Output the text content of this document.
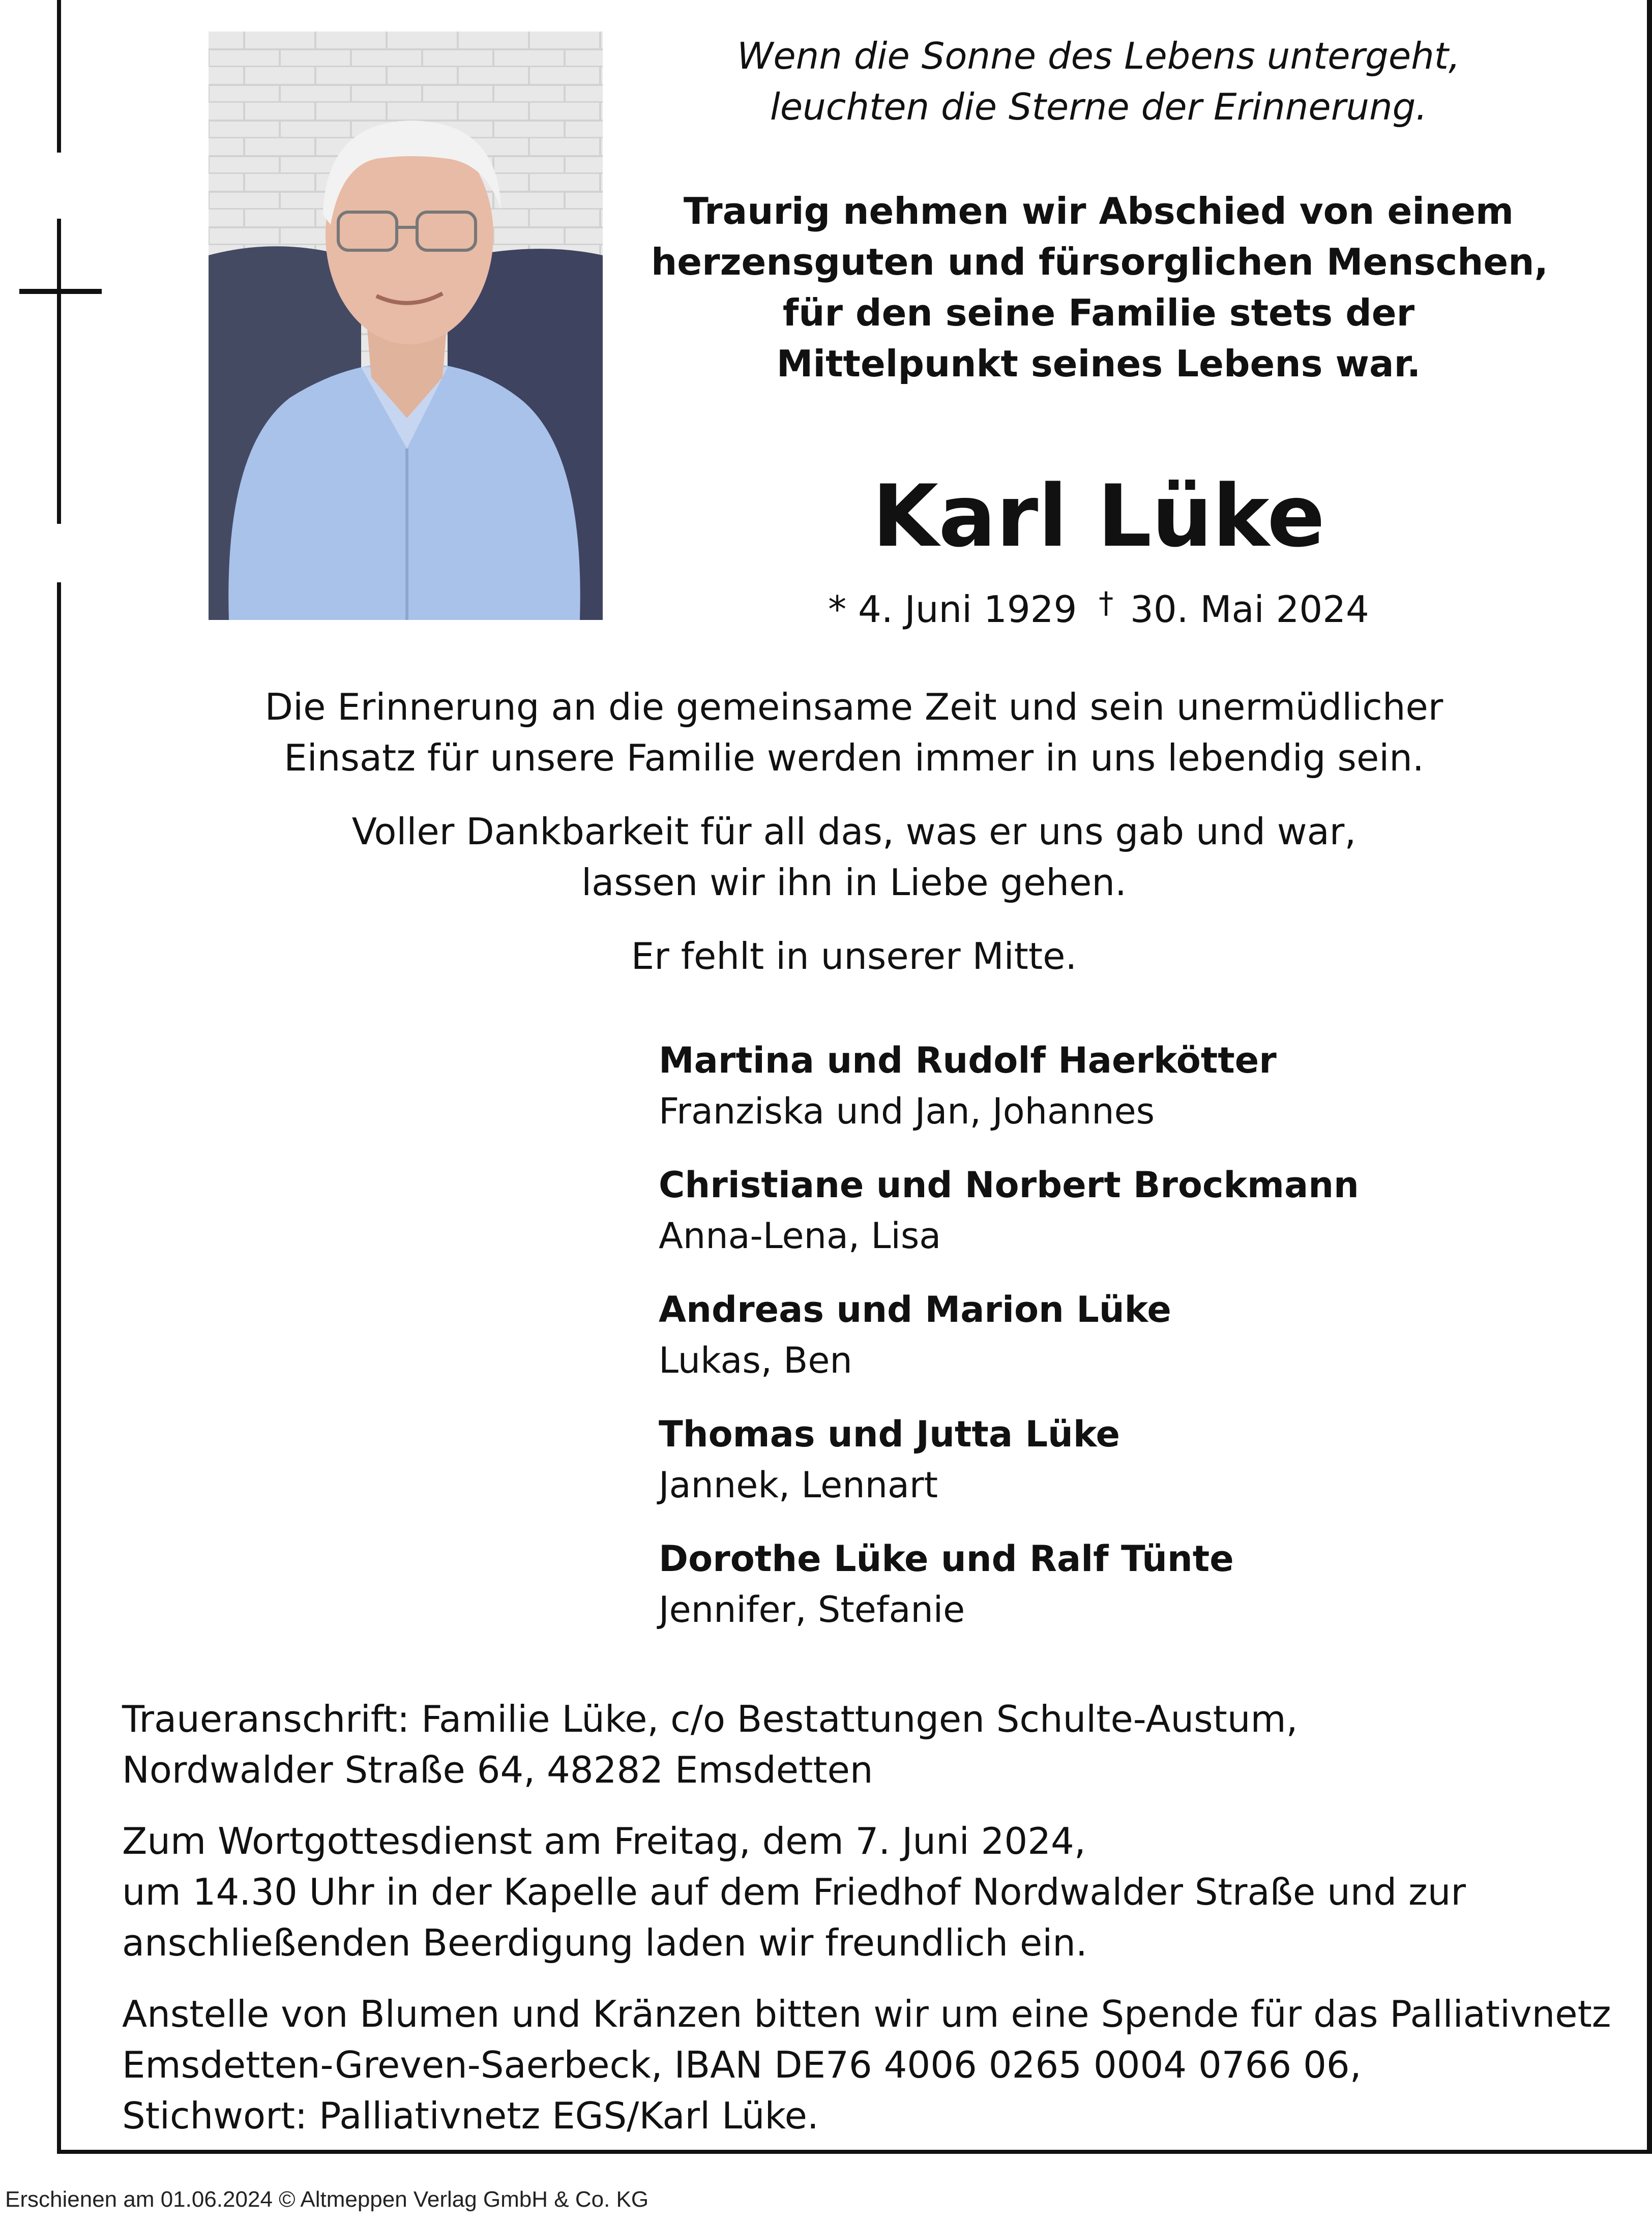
Wenn die Sonne des Lebens untergeht,
leuchten die Sterne der Erinnerung.
Traurig nehmen wir Abschied von einem
herzensguten und fürsorglichen Menschen,
für den seine Familie stets der
Mittelpunkt seines Lebens war.
Karl Lüke
* 4. Juni 1929 † 30. Mai 2024
Die Erinnerung an die gemeinsame Zeit und sein unermüdlicher
Einsatz für unsere Familie werden immer in uns lebendig sein.
Voller Dankbarkeit für all das, was er uns gab und war,
lassen wir ihn in Liebe gehen.
Er fehlt in unserer Mitte.
Martina und Rudolf Haerkötter
Franziska und Jan, Johannes
Christiane und Norbert Brockmann
Anna-Lena, Lisa
Andreas und Marion Lüke
Lukas, Ben
Thomas und Jutta Lüke
Jannek, Lennart
Dorothe Lüke und Ralf Tünte
Jennifer, Stefanie
Traueranschrift: Familie Lüke, c/o Bestattungen Schulte-Austum,
Nordwalder Straße 64, 48282 Emsdetten
Zum Wortgottesdienst am Freitag, dem 7. Juni 2024,
um 14.30 Uhr in der Kapelle auf dem Friedhof Nordwalder Straße und zur
anschließenden Beerdigung laden wir freundlich ein.
Anstelle von Blumen und Kränzen bitten wir um eine Spende für das Palliativnetz
Emsdetten-Greven-Saerbeck, IBAN DE76 4006 0265 0004 0766 06,
Stichwort: Palliativnetz EGS/Karl Lüke.
Erschienen am 01.06.2024 © Altmeppen Verlag GmbH & Co. KG
